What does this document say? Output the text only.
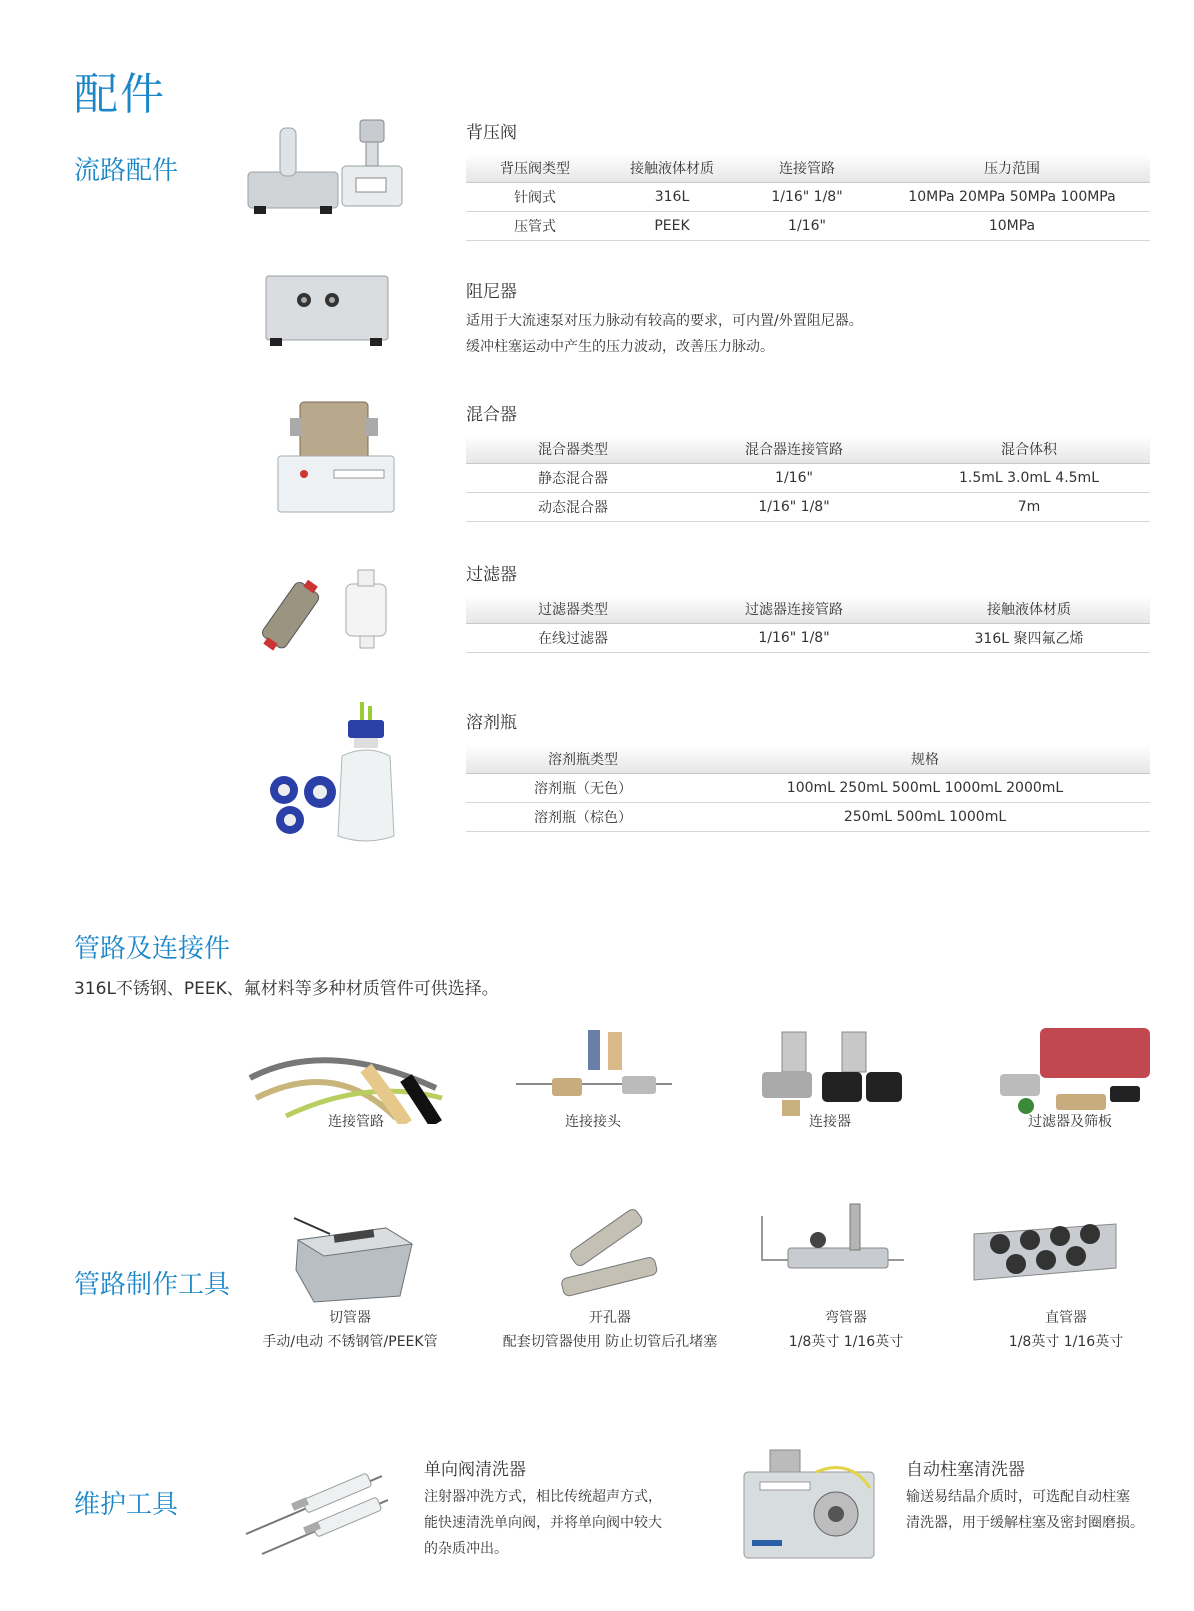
配件
流路配件
背压阀
背压阀类型	接触液体材质	连接管路	压力范围
针阀式	316L	1/16" 1/8"	10MPa 20MPa 50MPa 100MPa
压管式	PEEK	1/16"	10MPa
阻尼器
适用于大流速泵对压力脉动有较高的要求，可内置/外置阻尼器。
缓冲柱塞运动中产生的压力波动，改善压力脉动。
混合器
混合器类型	混合器连接管路	混合体积
静态混合器	1/16"	1.5mL 3.0mL 4.5mL
动态混合器	1/16" 1/8"	7m
过滤器
过滤器类型	过滤器连接管路	接触液体材质
在线过滤器	1/16" 1/8"	316L 聚四氟乙烯
溶剂瓶
溶剂瓶类型	规格
溶剂瓶（无色）	100mL 250mL 500mL 1000mL 2000mL
溶剂瓶（棕色）	250mL 500mL 1000mL
管路及连接件
316L不锈钢、PEEK、氟材料等多种材质管件可供选择。
连接管路	连接接头	连接器	过滤器及筛板
管路制作工具
切管器
手动/电动 不锈钢管/PEEK管
开孔器
配套切管器使用 防止切管后孔堵塞
弯管器
1/8英寸 1/16英寸
直管器
1/8英寸 1/16英寸
维护工具
单向阀清洗器
注射器冲洗方式，相比传统超声方式，
能快速清洗单向阀，并将单向阀中较大
的杂质冲出。
自动柱塞清洗器
输送易结晶介质时，可选配自动柱塞
清洗器，用于缓解柱塞及密封圈磨损。
